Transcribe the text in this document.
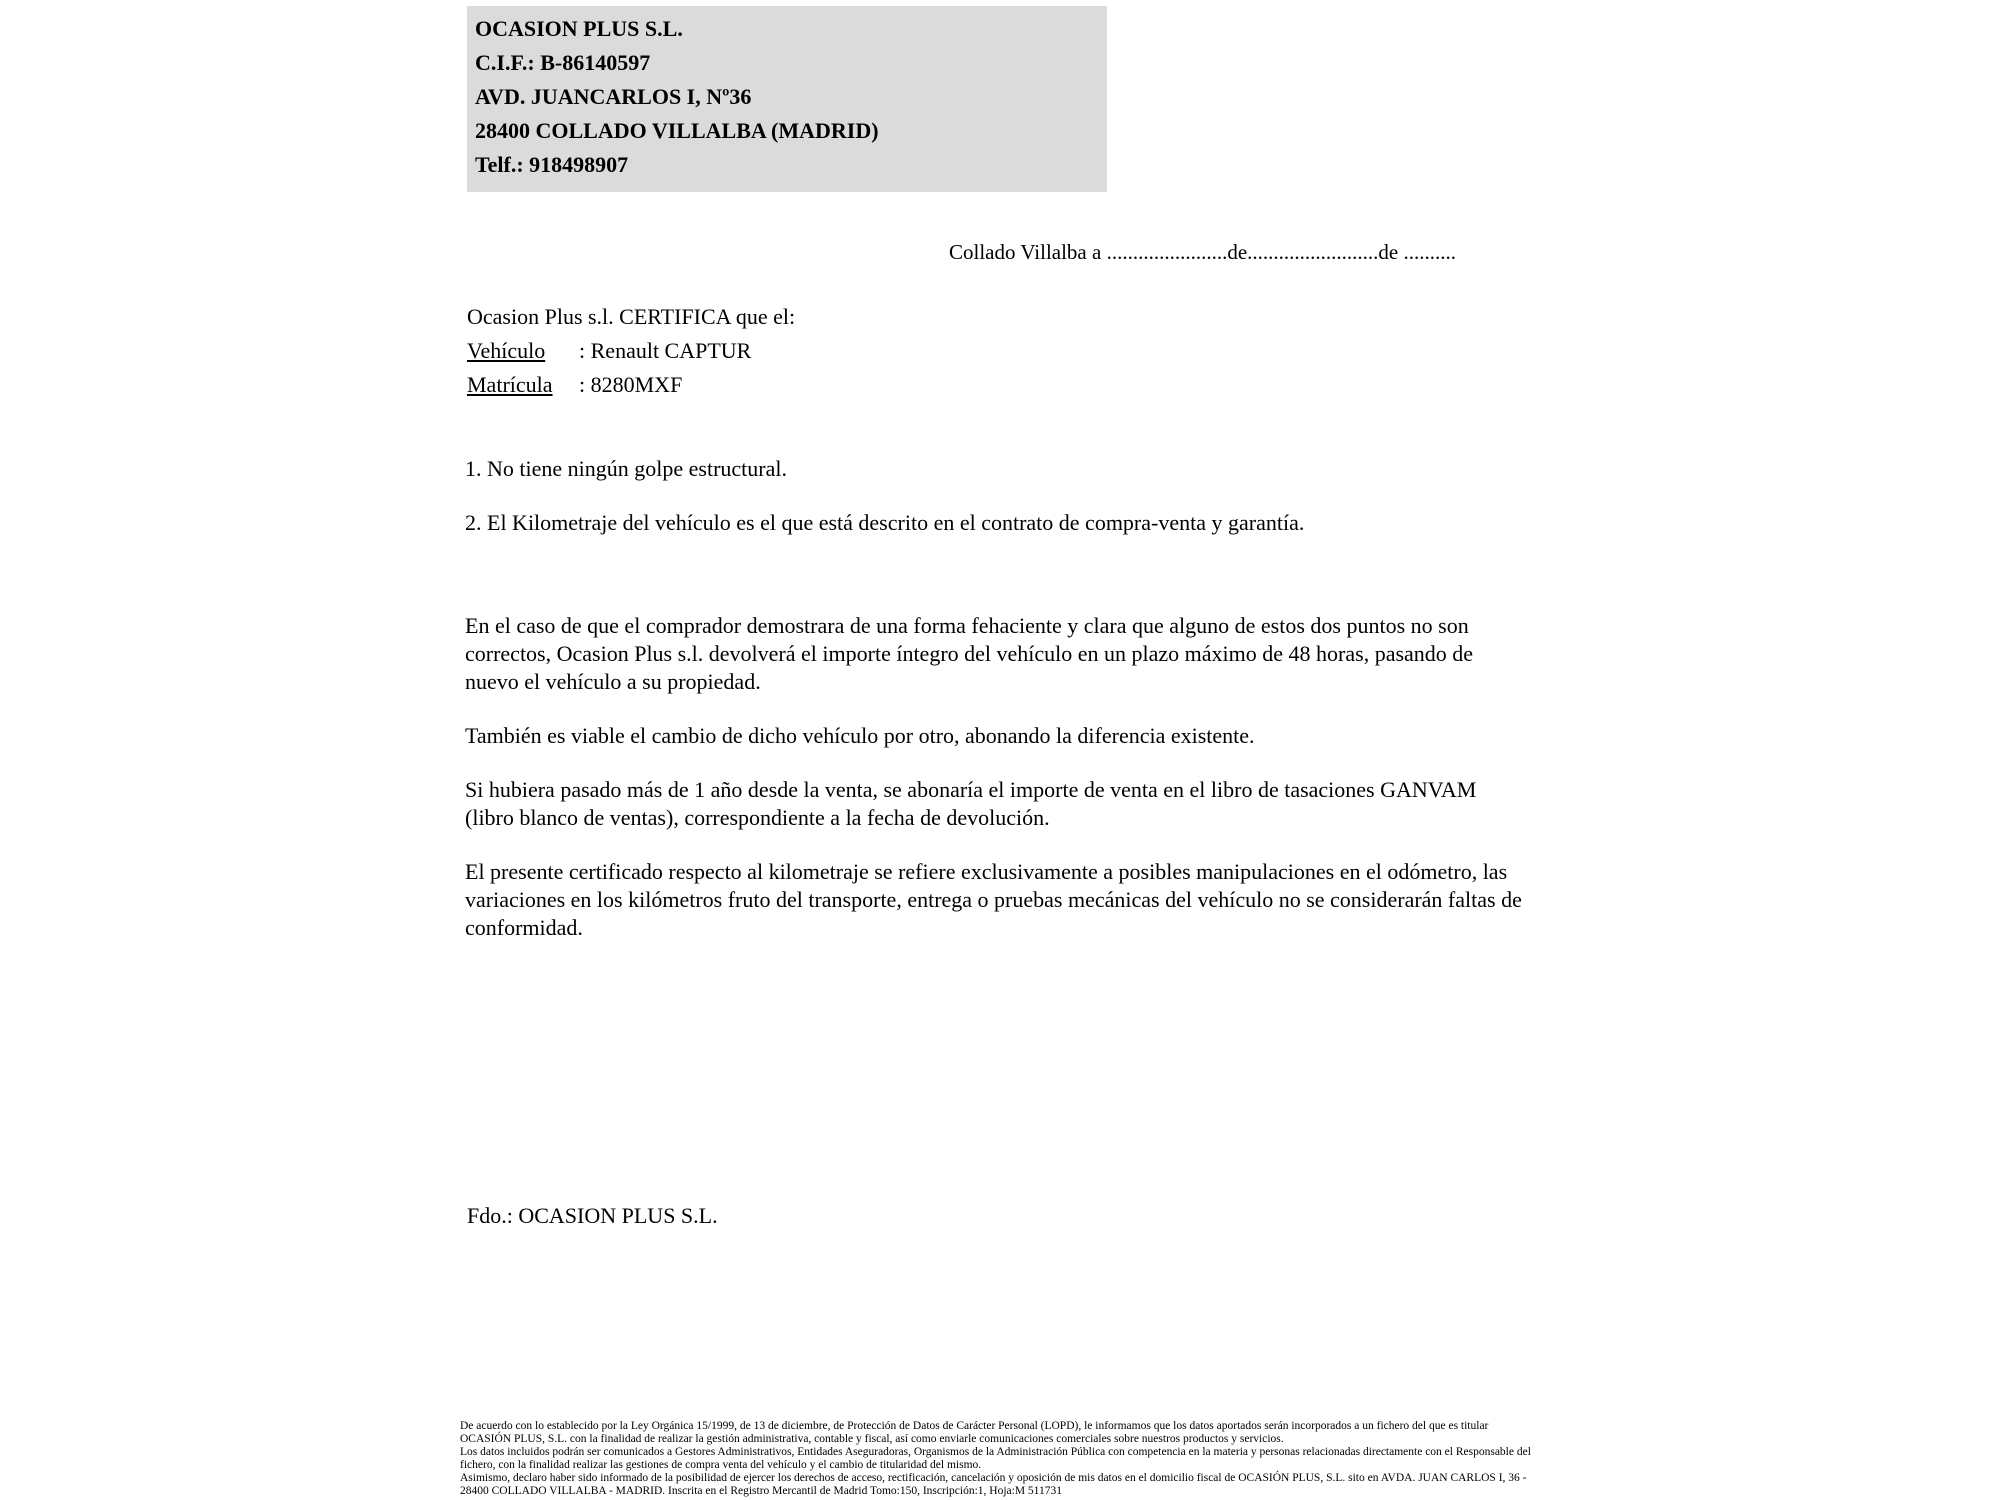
OCASION PLUS S.L.
C.I.F.: B-86140597
AVD. JUANCARLOS I, Nº36
28400 COLLADO VILLALBA (MADRID)
Telf.: 918498907
Collado Villalba a .......................de.........................de ..........
Ocasion Plus s.l. CERTIFICA que el:
Vehículo : Renault CAPTUR
Matrícula : 8280MXF
1. No tiene ningún golpe estructural.
2. El Kilometraje del vehículo es el que está descrito en el contrato de compra-venta y garantía.

En el caso de que el comprador demostrara de una forma fehaciente y clara que alguno de estos dos puntos no son correctos, Ocasion Plus s.l. devolverá el importe íntegro del vehículo en un plazo máximo de 48 horas, pasando de nuevo el vehículo a su propiedad.

También es viable el cambio de dicho vehículo por otro, abonando la diferencia existente.

Si hubiera pasado más de 1 año desde la venta, se abonaría el importe de venta en el libro de tasaciones GANVAM (libro blanco de ventas), correspondiente a la fecha de devolución.

El presente certificado respecto al kilometraje se refiere exclusivamente a posibles manipulaciones en el odómetro, las variaciones en los kilómetros fruto del transporte, entrega o pruebas mecánicas del vehículo no se considerarán faltas de conformidad.

Fdo.: OCASION PLUS S.L.

De acuerdo con lo establecido por la Ley Orgánica 15/1999, de 13 de diciembre, de Protección de Datos de Carácter Personal (LOPD), le informamos que los datos aportados serán incorporados a un fichero del que es titular OCASIÓN PLUS, S.L. con la finalidad de realizar la gestión administrativa, contable y fiscal, así como enviarle comunicaciones comerciales sobre nuestros productos y servicios.

Los datos incluidos podrán ser comunicados a Gestores Administrativos, Entidades Aseguradoras, Organismos de la Administración Pública con competencia en la materia y personas relacionadas directamente con el Responsable del fichero, con la finalidad realizar las gestiones de compra venta del vehículo y el cambio de titularidad del mismo.

Asimismo, declaro haber sido informado de la posibilidad de ejercer los derechos de acceso, rectificación, cancelación y oposición de mis datos en el domicilio fiscal de OCASIÓN PLUS, S.L. sito en AVDA. JUAN CARLOS I, 36 - 28400 COLLADO VILLALBA - MADRID. Inscrita en el Registro Mercantil de Madrid Tomo:150, Inscripción:1, Hoja:M 511731
